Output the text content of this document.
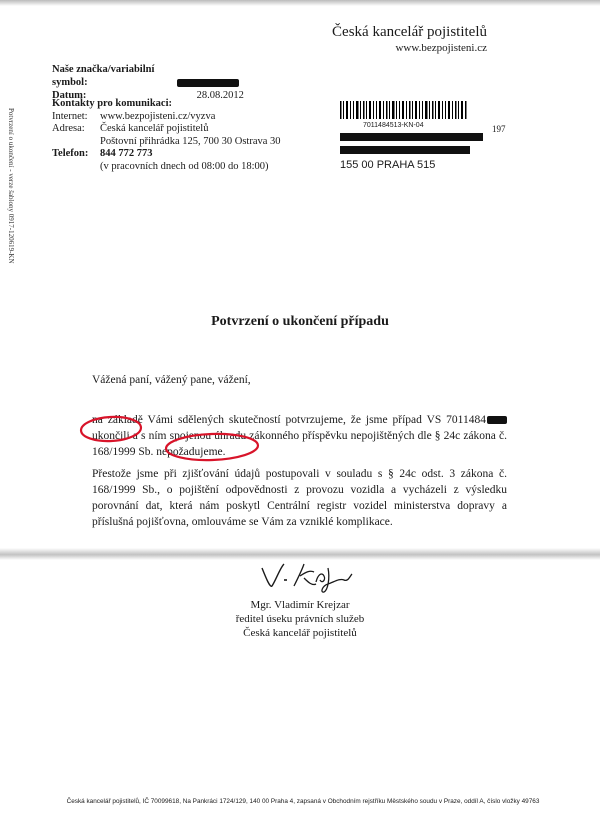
Česká kancelář pojistitelů
www.bezpojisteni.cz
Naše značka/variabilní symbol:
Datum:	28.08.2012
Kontakty pro komunikaci:
Internet:	www.bezpojisteni.cz/vyzva
Adresa:	Česká kancelář pojistitelů
Poštovní přihrádka 125, 700 30 Ostrava 30
Telefon:	844 772 773
(v pracovních dnech od 08:00 do 18:00)
Potvrzení o ukončení - verze šablony 0917-120619-KN	7011484513-KN-04	197
155 00 PRAHA 515
Potvrzení o ukončení případu
Vážená paní, vážený pane, vážení,
na základě Vámi sdělených skutečností potvrzujeme, že jsme případ VS 7011484 ukončili a s ním spojenou úhradu zákonného příspěvku nepojištěných dle § 24c zákona č. 168/1999 Sb. nepožadujeme.
Přestože jsme při zjišťování údajů postupovali v souladu s § 24c odst. 3 zákona č. 168/1999 Sb., o pojištění odpovědnosti z provozu vozidla a vycházeli z výsledku porovnání dat, která nám poskytl Centrální registr vozidel ministerstva dopravy a příslušná pojišťovna, omlouváme se Vám za vzniklé komplikace.
Mgr. Vladimír Krejzar
ředitel úseku právních služeb
Česká kancelář pojistitelů
Česká kancelář pojistitelů, IČ 70099618, Na Pankráci 1724/129, 140 00 Praha 4, zapsaná v Obchodním rejstříku Městského soudu v Praze, oddíl A, číslo vložky 49763
